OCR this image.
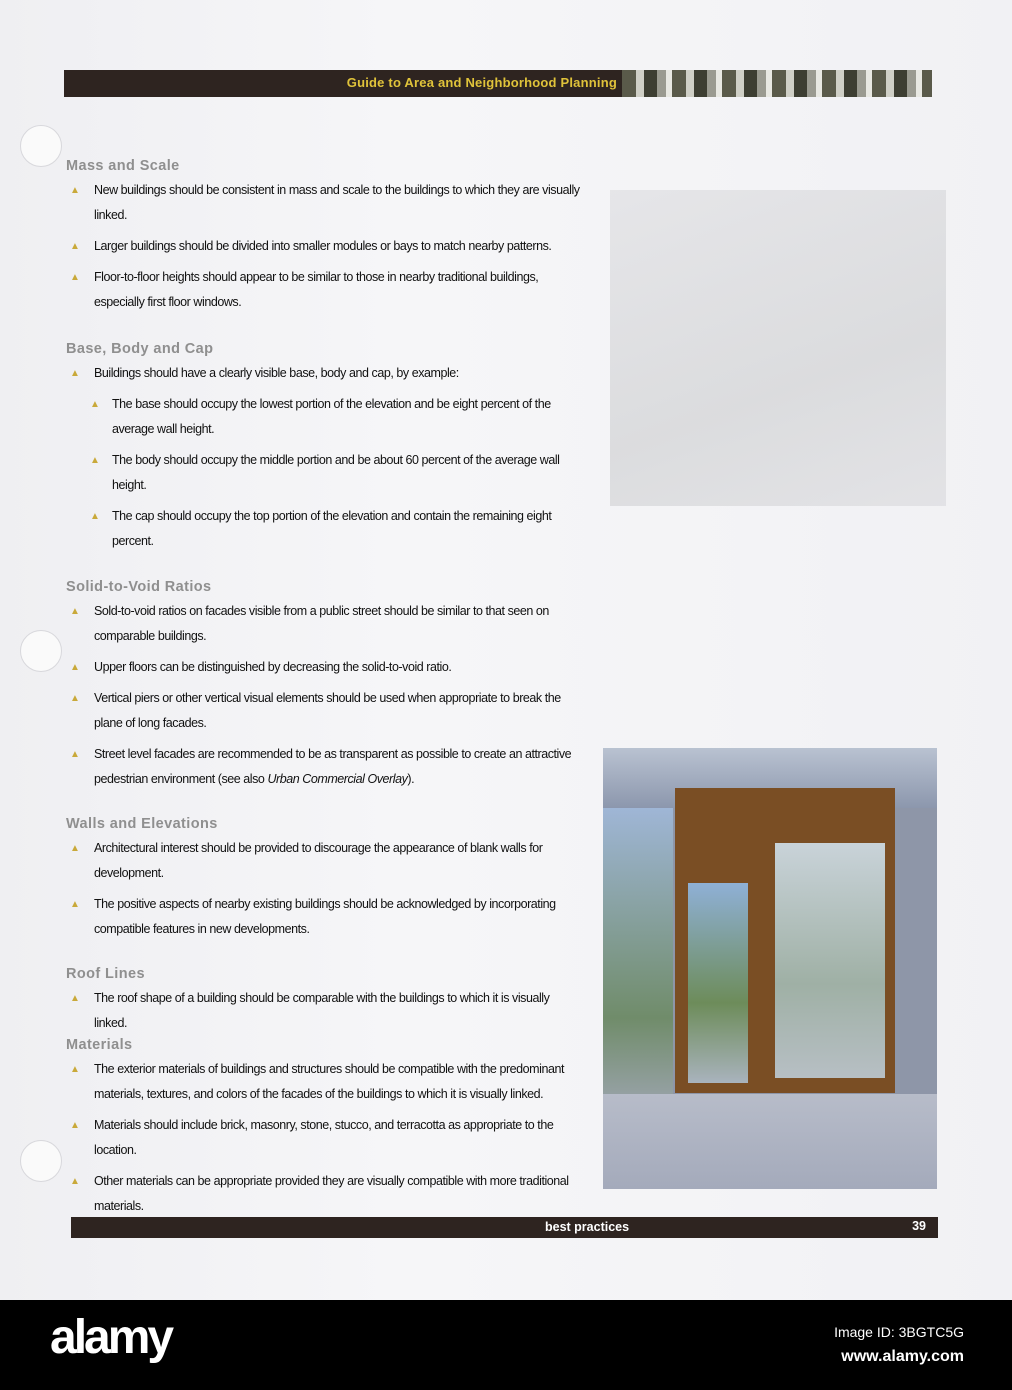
Guide to Area and Neighborhood Planning
Mass and Scale
▲ New buildings should be consistent in mass and scale to the buildings to which they are visually linked.
▲ Larger buildings should be divided into smaller modules or bays to match nearby patterns.
▲ Floor-to-floor heights should appear to be similar to those in nearby traditional buildings, especially first floor windows.
Base, Body and Cap
▲ Buildings should have a clearly visible base, body and cap, by example:
▲ The base should occupy the lowest portion of the elevation and be eight percent of the average wall height.
▲ The body should occupy the middle portion and be about 60 percent of the average wall height.
▲ The cap should occupy the top portion of the elevation and contain the remaining eight percent.
Solid-to-Void Ratios
▲ Sold-to-void ratios on facades visible from a public street should be similar to that seen on comparable buildings.
▲ Upper floors can be distinguished by decreasing the solid-to-void ratio.
▲ Vertical piers or other vertical visual elements should be used when appropriate to break the plane of long facades.
▲ Street level facades are recommended to be as transparent as possible to create an attractive pedestrian environment (see also Urban Commercial Overlay).
Walls and Elevations
▲ Architectural interest should be provided to discourage the appearance of blank walls for development.
▲ The positive aspects of nearby existing buildings should be acknowledged by incorporating compatible features in new developments.
Roof Lines
▲ The roof shape of a building should be comparable with the buildings to which it is visually linked.
Materials
▲ The exterior materials of buildings and structures should be compatible with the predominant materials, textures, and colors of the facades of the buildings to which it is visually linked.
▲ Materials should include brick, masonry, stone, stucco, and terracotta as appropriate to the location.
▲ Other materials can be appropriate provided they are visually compatible with more traditional materials.
best practices	39
alamy	Image ID: 3BGTC5G
www.alamy.com
